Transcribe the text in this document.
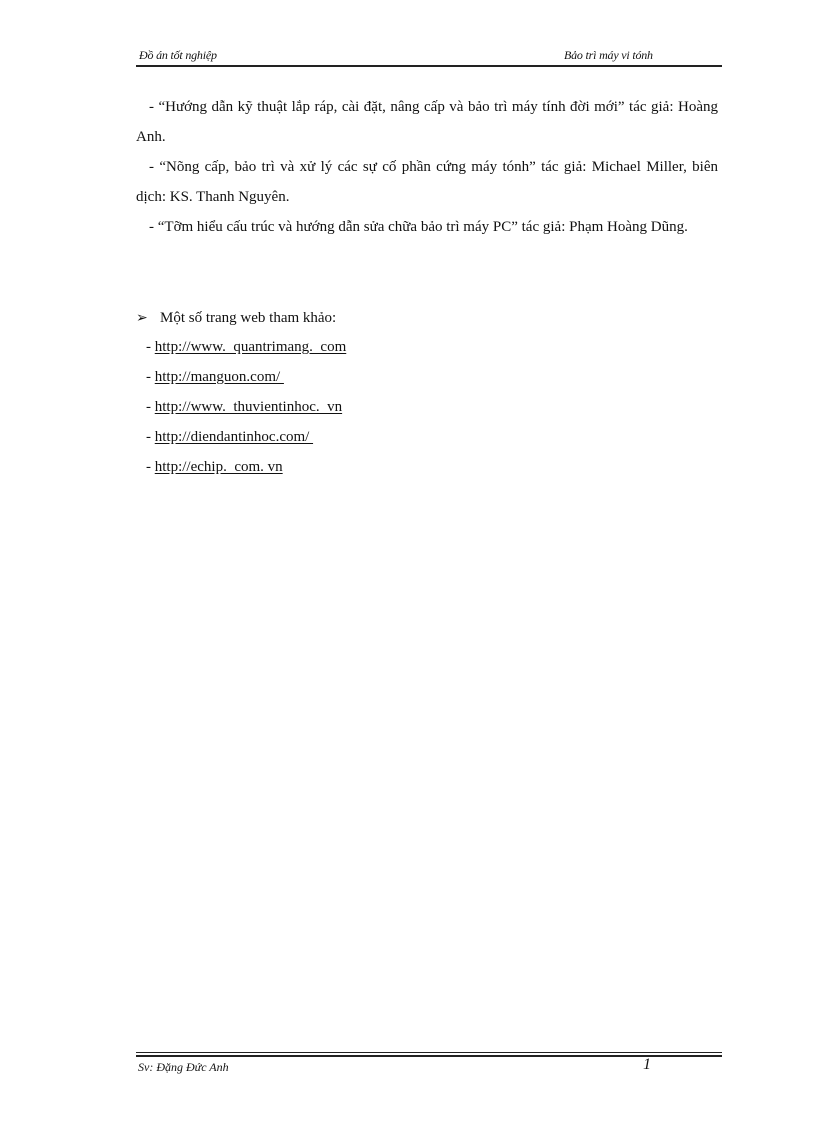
Đồ án tốt nghiệp	Bảo trì máy vi tónh

- “Hướng dẫn kỹ thuật lắp ráp, cài đặt, nâng cấp và bảo trì máy tính đời mới” tác giả: Hoàng Anh.

- “Nõng cấp, bảo trì và xử lý các sự cố phần cứng máy tónh” tác giả: Michael Miller, biên dịch: KS. Thanh Nguyên.

- “Tỡm hiểu cấu trúc và hướng dẫn sửa chữa bảo trì máy PC” tác giả: Phạm Hoàng Dũng.

➢ Một số trang web tham khảo:
- http://www.  quantrimang.  com
- http://manguon.com/
- http://www.  thuvientinhoc.  vn
- http://diendantinhoc.com/
- http://echip.  com. vn
Sv: Đặng Đức Anh	1
